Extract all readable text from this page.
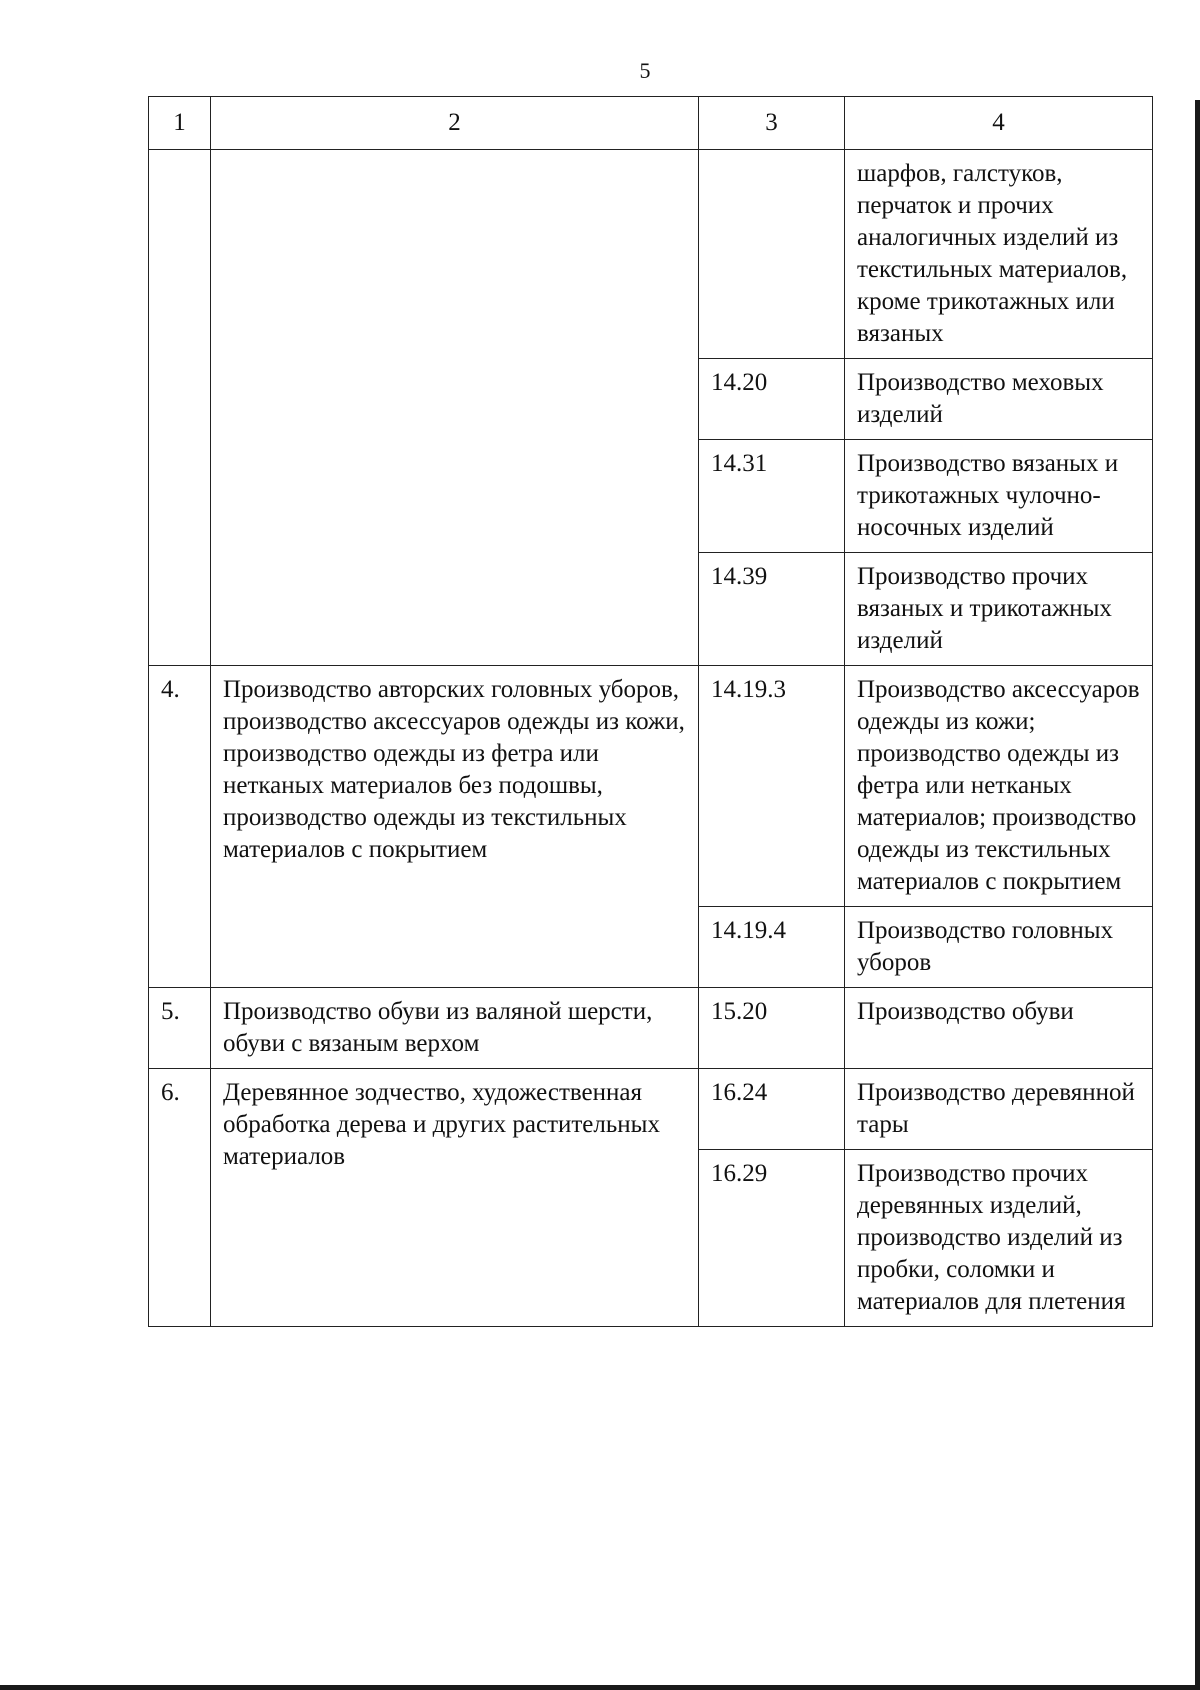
5
1	2	3	4
			шарфов, галстуков, перчаток и прочих аналогичных изделий из текстильных материалов, кроме трикотажных или вязаных
		14.20	Производство меховых изделий
		14.31	Производство вязаных и трикотажных чулочно-носочных изделий
		14.39	Производство прочих вязаных и трикотажных изделий
4.	Производство авторских головных уборов, производство аксессуаров одежды из кожи, производство одежды из фетра или нетканых материалов без подошвы, производство одежды из текстильных материалов с покрытием	14.19.3	Производство аксессуаров одежды из кожи; производство одежды из фетра или нетканых материалов; производство одежды из текстильных материалов с покрытием
		14.19.4	Производство головных уборов
5.	Производство обуви из валяной шерсти, обуви с вязаным верхом	15.20	Производство обуви
6.	Деревянное зодчество, художественная обработка дерева и других растительных материалов	16.24	Производство деревянной тары
		16.29	Производство прочих деревянных изделий, производство изделий из пробки, соломки и материалов для плетения
